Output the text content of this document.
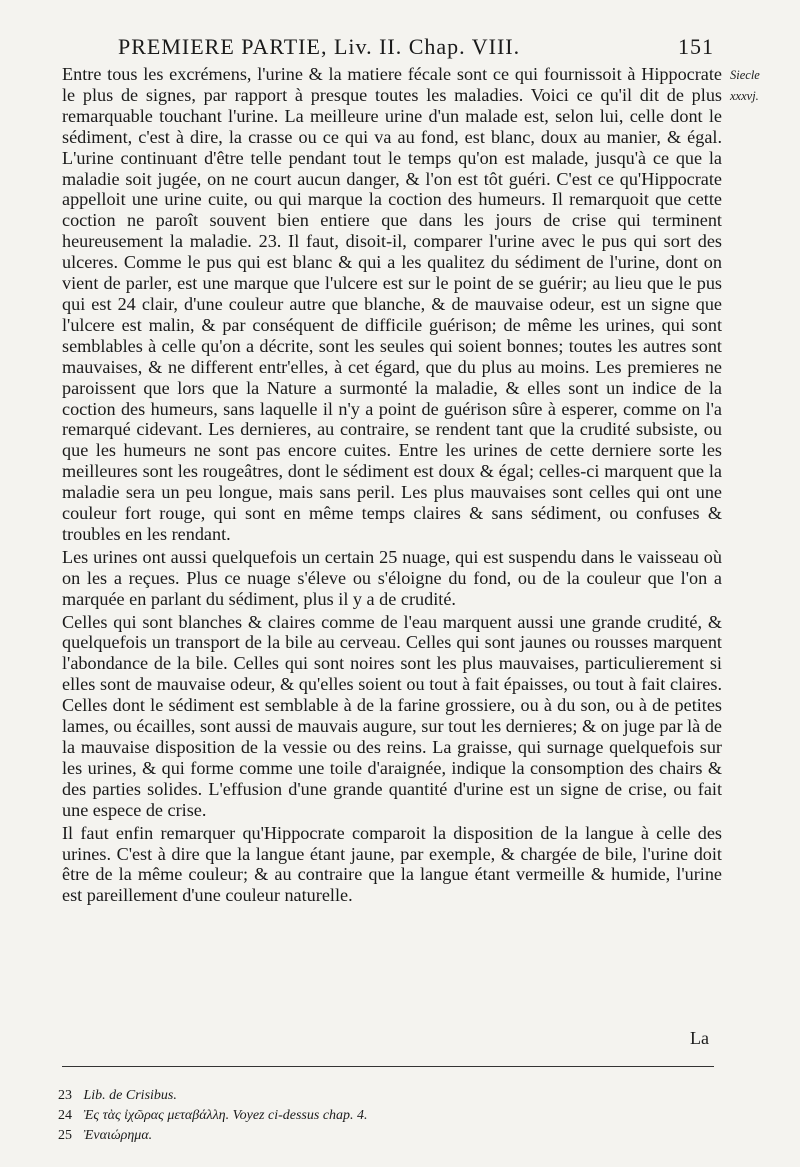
PREMIERE PARTIE, Liv. II. Chap. VIII.	151
Siecle
xxxvj.

Entre tous les excrémens, l'urine & la matiere fécale sont ce qui fournissoit à Hippocrate le plus de signes, par rapport à presque toutes les maladies. Voici ce qu'il dit de plus remarquable touchant l'urine. La meilleure urine d'un malade est, selon lui, celle dont le sédiment, c'est à dire, la crasse ou ce qui va au fond, est blanc, doux au manier, & égal. L'urine continuant d'être telle pendant tout le temps qu'on est malade, jusqu'à ce que la maladie soit jugée, on ne court aucun danger, & l'on est tôt guéri. C'est ce qu'Hippocrate appelloit une urine cuite, ou qui marque la coction des humeurs. Il remarquoit que cette coction ne paroît souvent bien entiere que dans les jours de crise qui terminent heureusement la maladie. 23. Il faut, disoit-il, comparer l'urine avec le pus qui sort des ulceres. Comme le pus qui est blanc & qui a les qualitez du sédiment de l'urine, dont on vient de parler, est une marque que l'ulcere est sur le point de se guérir; au lieu que le pus qui est 24 clair, d'une couleur autre que blanche, & de mauvaise odeur, est un signe que l'ulcere est malin, & par conséquent de difficile guérison; de même les urines, qui sont semblables à celle qu'on a décrite, sont les seules qui soient bonnes; toutes les autres sont mauvaises, & ne different entr'elles, à cet égard, que du plus au moins. Les premieres ne paroissent que lors que la Nature a surmonté la maladie, & elles sont un indice de la coction des humeurs, sans laquelle il n'y a point de guérison sûre à esperer, comme on l'a remarqué cidevant. Les dernieres, au contraire, se rendent tant que la crudité subsiste, ou que les humeurs ne sont pas encore cuites. Entre les urines de cette derniere sorte les meilleures sont les rougeâtres, dont le sédiment est doux & égal; celles-ci marquent que la maladie sera un peu longue, mais sans peril. Les plus mauvaises sont celles qui ont une couleur fort rouge, qui sont en même temps claires & sans sédiment, ou confuses & troubles en les rendant.

Les urines ont aussi quelquefois un certain 25 nuage, qui est suspendu dans le vaisseau où on les a reçues. Plus ce nuage s'éleve ou s'éloigne du fond, ou de la couleur que l'on a marquée en parlant du sédiment, plus il y a de crudité.

Celles qui sont blanches & claires comme de l'eau marquent aussi une grande crudité, & quelquefois un transport de la bile au cerveau. Celles qui sont jaunes ou rousses marquent l'abondance de la bile. Celles qui sont noires sont les plus mauvaises, particulierement si elles sont de mauvaise odeur, & qu'elles soient ou tout à fait épaisses, ou tout à fait claires. Celles dont le sédiment est semblable à de la farine grossiere, ou à du son, ou à de petites lames, ou écailles, sont aussi de mauvais augure, sur tout les dernieres; & on juge par là de la mauvaise disposition de la vessie ou des reins. La graisse, qui surnage quelquefois sur les urines, & qui forme comme une toile d'araignée, indique la consomption des chairs & des parties solides. L'effusion d'une grande quantité d'urine est un signe de crise, ou fait une espece de crise.

Il faut enfin remarquer qu'Hippocrate comparoit la disposition de la langue à celle des urines. C'est à dire que la langue étant jaune, par exemple, & chargée de bile, l'urine doit être de la même couleur; & au contraire que la langue étant vermeille & humide, l'urine est pareillement d'une couleur naturelle.

La
23 Lib. de Crisibus.
24 Ἐς τὰς ἰχῶρας μεταβάλλη. Voyez ci-dessus chap. 4.
25 Ἐναιώρημα.
